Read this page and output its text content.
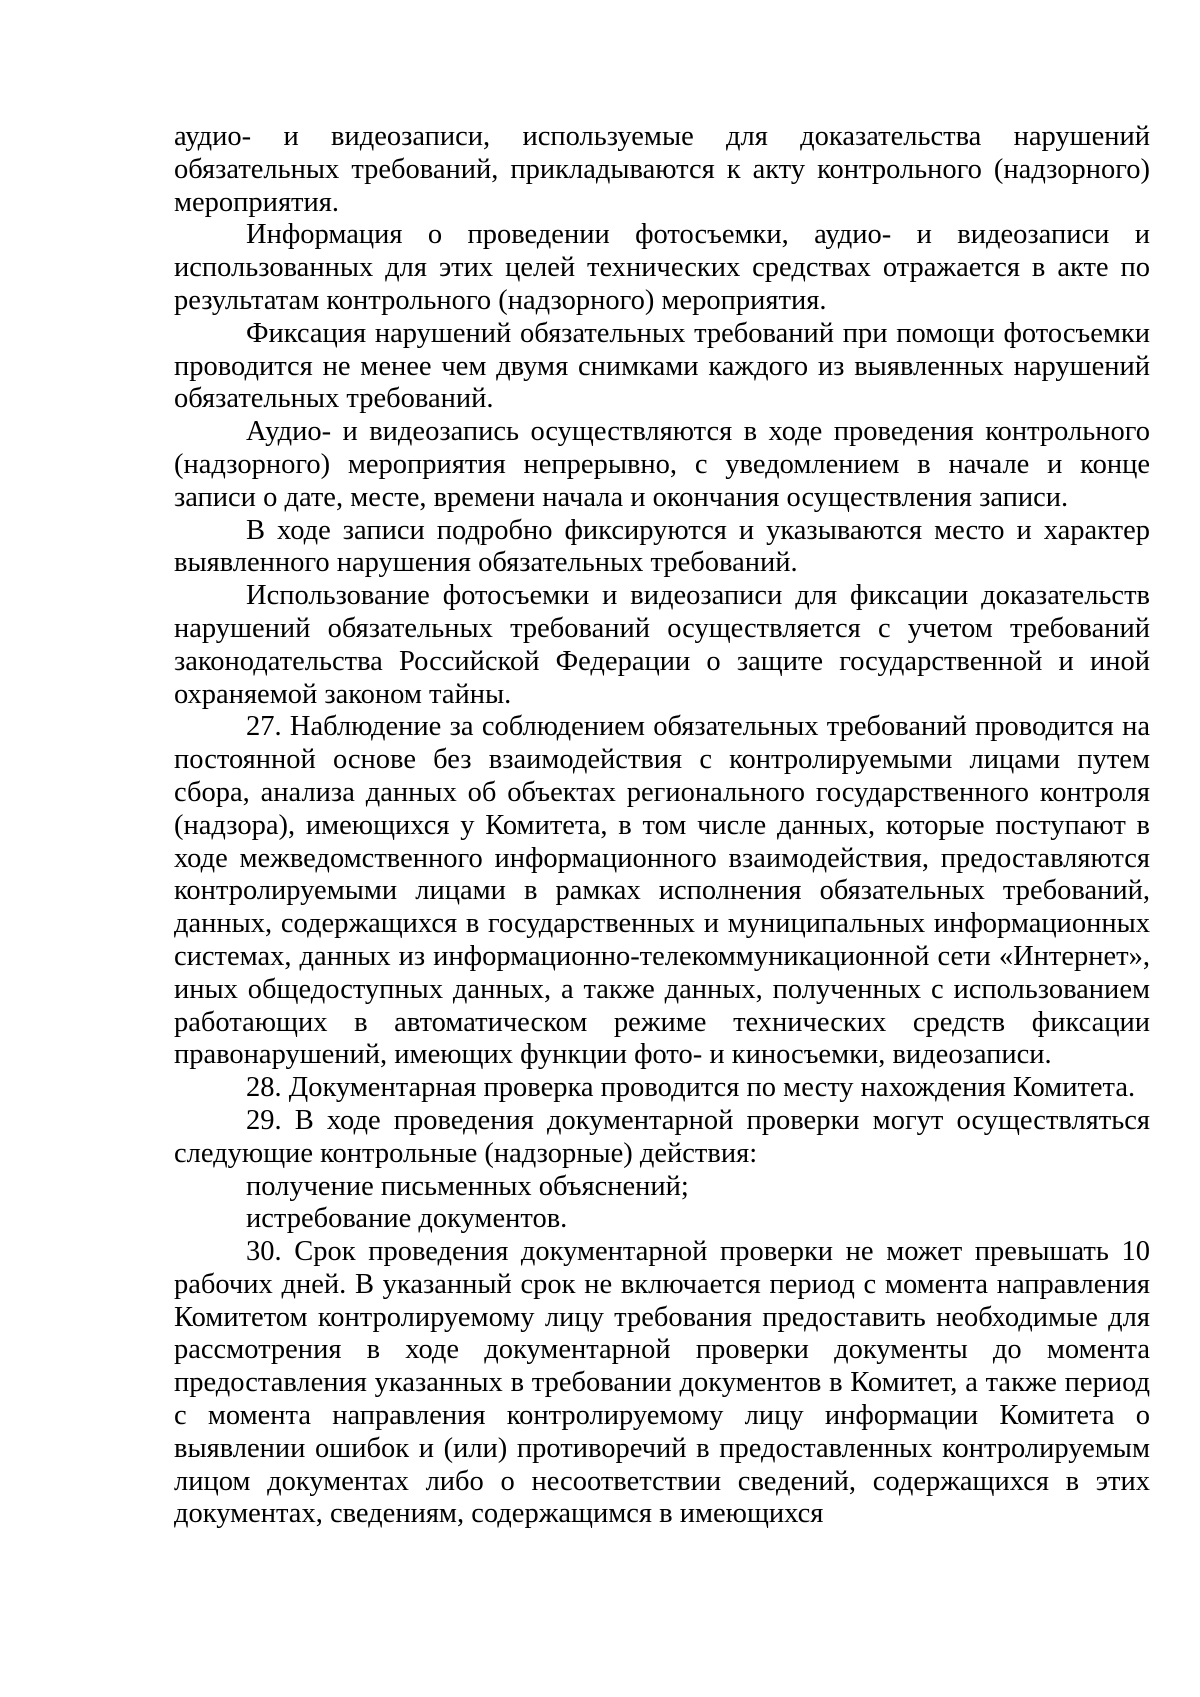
аудио- и видеозаписи, используемые для доказательства нарушений обязательных требований, прикладываются к акту контрольного (надзорного) мероприятия.

Информация о проведении фотосъемки, аудио- и видеозаписи и использованных для этих целей технических средствах отражается в акте по результатам контрольного (надзорного) мероприятия.

Фиксация нарушений обязательных требований при помощи фотосъемки проводится не менее чем двумя снимками каждого из выявленных нарушений обязательных требований.

Аудио- и видеозапись осуществляются в ходе проведения контрольного (надзорного) мероприятия непрерывно, с уведомлением в начале и конце записи о дате, месте, времени начала и окончания осуществления записи.

В ходе записи подробно фиксируются и указываются место и характер выявленного нарушения обязательных требований.

Использование фотосъемки и видеозаписи для фиксации доказательств нарушений обязательных требований осуществляется с учетом требований законодательства Российской Федерации о защите государственной и иной охраняемой законом тайны.

27. Наблюдение за соблюдением обязательных требований проводится на постоянной основе без взаимодействия с контролируемыми лицами путем сбора, анализа данных об объектах регионального государственного контроля (надзора), имеющихся у Комитета, в том числе данных, которые поступают в ходе межведомственного информационного взаимодействия, предоставляются контролируемыми лицами в рамках исполнения обязательных требований, данных, содержащихся в государственных и муниципальных информационных системах, данных из информационно-телекоммуникационной сети «Интернет», иных общедоступных данных, а также данных, полученных с использованием работающих в автоматическом режиме технических средств фиксации правонарушений, имеющих функции фото- и киносъемки, видеозаписи.

28. Документарная проверка проводится по месту нахождения Комитета.

29. В ходе проведения документарной проверки могут осуществляться следующие контрольные (надзорные) действия:

получение письменных объяснений;

истребование документов.

30. Срок проведения документарной проверки не может превышать 10 рабочих дней. В указанный срок не включается период с момента направления Комитетом контролируемому лицу требования предоставить необходимые для рассмотрения в ходе документарной проверки документы до момента предоставления указанных в требовании документов в Комитет, а также период с момента направления контролируемому лицу информации Комитета о выявлении ошибок и (или) противоречий в предоставленных контролируемым лицом документах либо о несоответствии сведений, содержащихся в этих документах, сведениям, содержащимся в имеющихся
